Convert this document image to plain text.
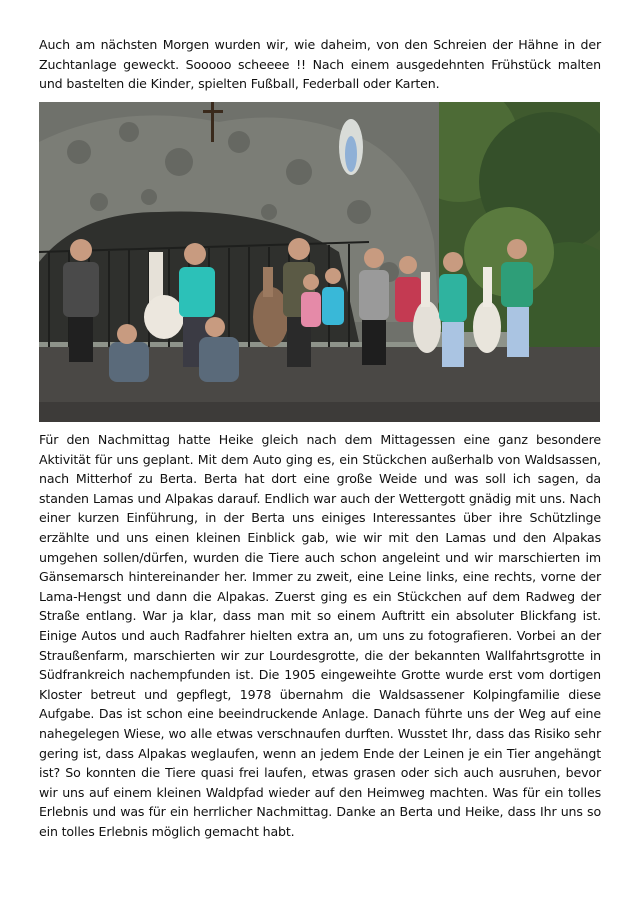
Auch am nächsten Morgen wurden wir, wie daheim, von den Schreien der Hähne in der Zuchtanlage geweckt. Sooooo scheeee !! Nach einem ausgedehnten Frühstück malten und bastelten die Kinder, spielten Fußball, Federball oder Karten.

Für den Nachmittag hatte Heike gleich nach dem Mittagessen eine ganz besondere Aktivität für uns geplant. Mit dem Auto ging es, ein Stückchen außerhalb von Waldsassen, nach Mitterhof zu Berta. Berta hat dort eine große Weide und was soll ich sagen, da standen Lamas und Alpakas darauf. Endlich war auch der Wettergott gnädig mit uns. Nach einer kurzen Einführung, in der Berta uns einiges Interessantes über ihre Schützlinge erzählte und uns einen kleinen Einblick gab, wie wir mit den Lamas und den Alpakas umgehen sollen/dürfen, wurden die Tiere auch schon angeleint und wir marschierten im Gänsemarsch hintereinander her. Immer zu zweit, eine Leine links, eine rechts, vorne der Lama-Hengst und dann die Alpakas. Zuerst ging es ein Stückchen auf dem Radweg der Straße entlang. War ja klar, dass man mit so einem Auftritt ein absoluter Blickfang ist. Einige Autos und auch Radfahrer hielten extra an, um uns zu fotografieren. Vorbei an der Straußenfarm, marschierten wir zur Lourdesgrotte, die der bekannten Wallfahrtsgrotte in Südfrankreich nachempfunden ist. Die 1905 eingeweihte Grotte wurde erst vom dortigen Kloster betreut und gepflegt, 1978 übernahm die Waldsassener Kolpingfamilie diese Aufgabe. Das ist schon eine beeindruckende Anlage. Danach führte uns der Weg auf eine nahegelegen Wiese, wo alle etwas verschnaufen durften. Wusstet Ihr, dass das Risiko sehr gering ist, dass Alpakas weglaufen, wenn an jedem Ende der Leinen je ein Tier angehängt ist? So konnten die Tiere quasi frei laufen, etwas grasen oder sich auch ausruhen, bevor wir uns auf einem kleinen Waldpfad wieder auf den Heimweg machten. Was für ein tolles Erlebnis und was für ein herrlicher Nachmittag. Danke an Berta und Heike, dass Ihr uns so ein tolles Erlebnis möglich gemacht habt.
